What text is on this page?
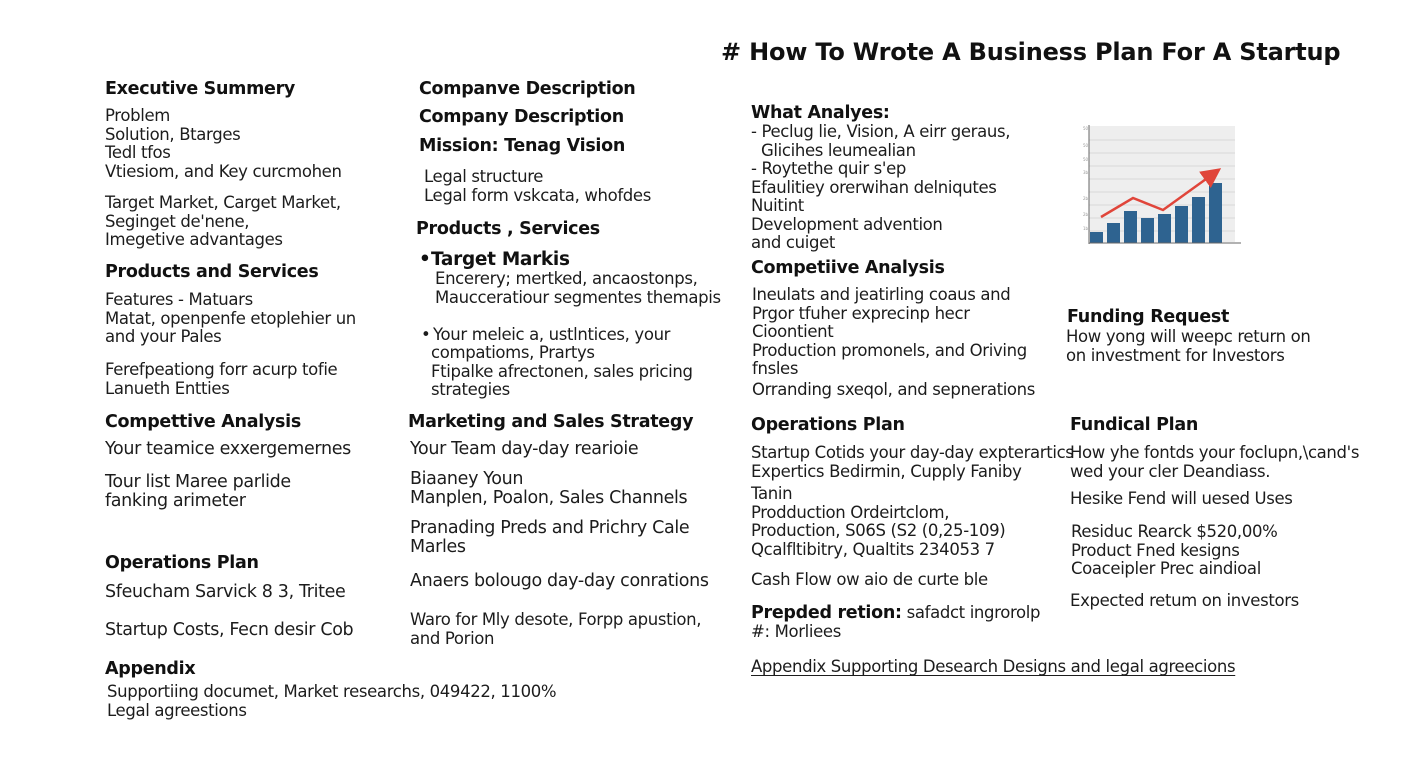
# How To Wrote A Business Plan For A Startup
Executive Summery
Problem
Solution, Btarges
Tedl tfos
Vtiesiom, and Key curcmohen
Target Market, Carget Market,
Seginget de'nene,
Imegetive advantages
Products and Services
Features - Matuars
Matat, openpenfe etoplehier un
and your Pales
Ferefpeationg forr acurp tofie
Lanueth Entties
Compettive Analysis
Your teamice exxergemernes
Tour list Maree parlide
fanking arimeter
Operations Plan
Sfeucham Sarvick 8 3, Tritee
Startup Costs, Fecn desir Cob
Appendix
Supportiing documet, Market researchs, 049422, 1100%
Legal agreestions
Companve Description
Company Description
Mission: Tenag Vision
Legal structure
Legal form vskcata, whofdes
Products , Services
• Target Markis
Encerery; mertked, ancaostonps,
Maucceratiour segmentes themapis
• Your meleic a, ustlntices, your
compatioms, Prartys
Ftipalke afrectonen, sales pricing
strategies
Marketing and Sales Strategy
Your Team day-day rearioie
Biaaney Youn
Manplen, Poalon, Sales Channels
Pranading Preds and Prichry Cale
Marles
Anaers bolougo day-day conrations
Waro for Mly desote, Forpp apustion,
and Porion
What Analyes:
- Peclug lie, Vision, A eirr geraus,
Glicihes leumealian
- Roytethe quir s'ep
Efaulitiey orerwihan delniqutes
Nuitint
Development advention
and cuiget
Competiive Analysis
Ineulats and jeatirling coaus and
Prgor tfuher exprecinp hecr
Cioontient
Production promonels, and Oriving
fnsles
Orranding sxeqol, and sepnerations
Operations Plan
Startup Cotids your day-day expterartics
Expertics Bedirmin, Cupply Faniby
Tanin
Prodduction Ordeirtclom,
Production, S06S (S2 (0,25-109)
Qcalfltibitry, Qualtits 234053 7
Cash Flow ow aio de curte ble
Prepded retion: safadct ingrorolp
#: Morliees
Appendix Supporting Desearch Designs and legal agreecions
50
50
50
3b
2b
2b
1b
Funding Request
How yong will weepc return on
on investment for Investors
Fundical Plan
How yhe fontds your foclupn,\cand's
wed your cler Deandiass.
Hesike Fend will uesed Uses
Residuc Rearck $520,00%
Product Fned kesigns
Coaceipler Prec aindioal
Expected retum on investors
